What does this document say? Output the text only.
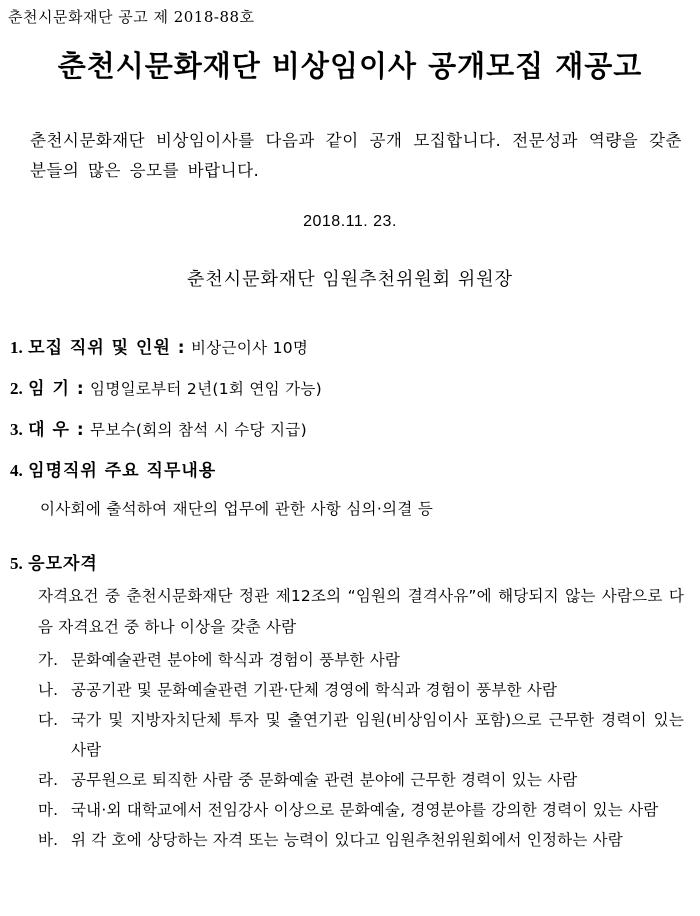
춘천시문화재단 공고 제 2018-88호
춘천시문화재단 비상임이사 공개모집 재공고
춘천시문화재단 비상임이사를 다음과 같이 공개 모집합니다. 전문성과 역량을 갖춘 분들의 많은 응모를 바랍니다.
2018.11. 23.
춘천시문화재단 임원추천위원회 위원장
1. 모집 직위 및 인원 : 비상근이사 10명
2. 임 기 : 임명일로부터 2년(1회 연임 가능)
3. 대 우 : 무보수(회의 참석 시 수당 지급)
4. 임명직위 주요 직무내용
이사회에 출석하여 재단의 업무에 관한 사항 심의·의결 등
5. 응모자격
자격요건 중 춘천시문화재단 정관 제12조의 “임원의 결격사유”에 해당되지 않는 사람으로 다음 자격요건 중 하나 이상을 갖춘 사람
가. 문화예술관련 분야에 학식과 경험이 풍부한 사람
나. 공공기관 및 문화예술관련 기관·단체 경영에 학식과 경험이 풍부한 사람
다. 국가 및 지방자치단체 투자 및 출연기관 임원(비상임이사 포함)으로 근무한 경력이 있는 사람
라. 공무원으로 퇴직한 사람 중 문화예술 관련 분야에 근무한 경력이 있는 사람
마. 국내·외 대학교에서 전임강사 이상으로 문화예술, 경영분야를 강의한 경력이 있는 사람
바. 위 각 호에 상당하는 자격 또는 능력이 있다고 임원추천위원회에서 인정하는 사람
